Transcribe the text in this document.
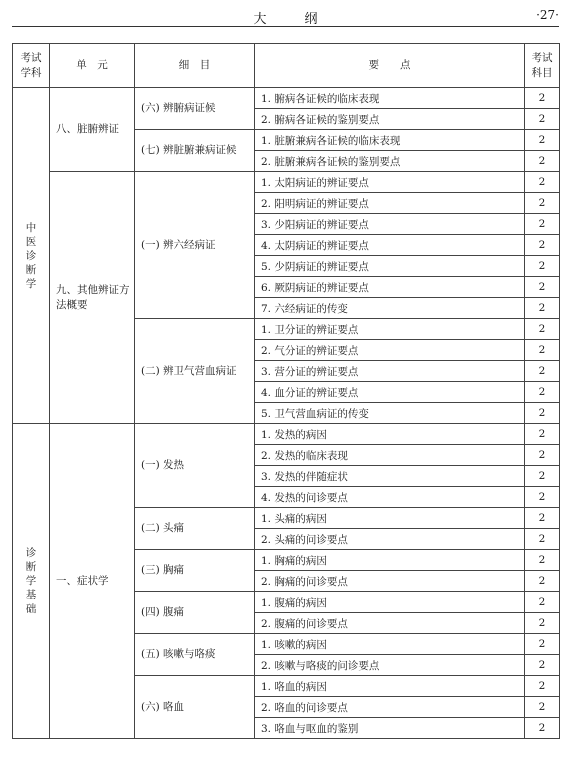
大	纲	·27·
考试学科	单　元	细　目	要　　点	考试科目
中医诊断学	八、脏腑辨证	(六) 辨腑病证候	1. 腑病各证候的临床表现	2
			2. 腑病各证候的鉴别要点	2
		(七) 辨脏腑兼病证候	1. 脏腑兼病各证候的临床表现	2
			2. 脏腑兼病各证候的鉴别要点	2
	九、其他辨证方法概要	(一) 辨六经病证	1. 太阳病证的辨证要点	2
			2. 阳明病证的辨证要点	2
			3. 少阳病证的辨证要点	2
			4. 太阴病证的辨证要点	2
			5. 少阴病证的辨证要点	2
			6. 厥阴病证的辨证要点	2
			7. 六经病证的传变	2
		(二) 辨卫气营血病证	1. 卫分证的辨证要点	2
			2. 气分证的辨证要点	2
			3. 营分证的辨证要点	2
			4. 血分证的辨证要点	2
			5. 卫气营血病证的传变	2
诊断学基础	一、症状学	(一) 发热	1. 发热的病因	2
			2. 发热的临床表现	2
			3. 发热的伴随症状	2
			4. 发热的问诊要点	2
		(二) 头痛	1. 头痛的病因	2
			2. 头痛的问诊要点	2
		(三) 胸痛	1. 胸痛的病因	2
			2. 胸痛的问诊要点	2
		(四) 腹痛	1. 腹痛的病因	2
			2. 腹痛的问诊要点	2
		(五) 咳嗽与咯痰	1. 咳嗽的病因	2
			2. 咳嗽与咯痰的问诊要点	2
		(六) 咯血	1. 咯血的病因	2
			2. 咯血的问诊要点	2
			3. 咯血与呕血的鉴别	2
